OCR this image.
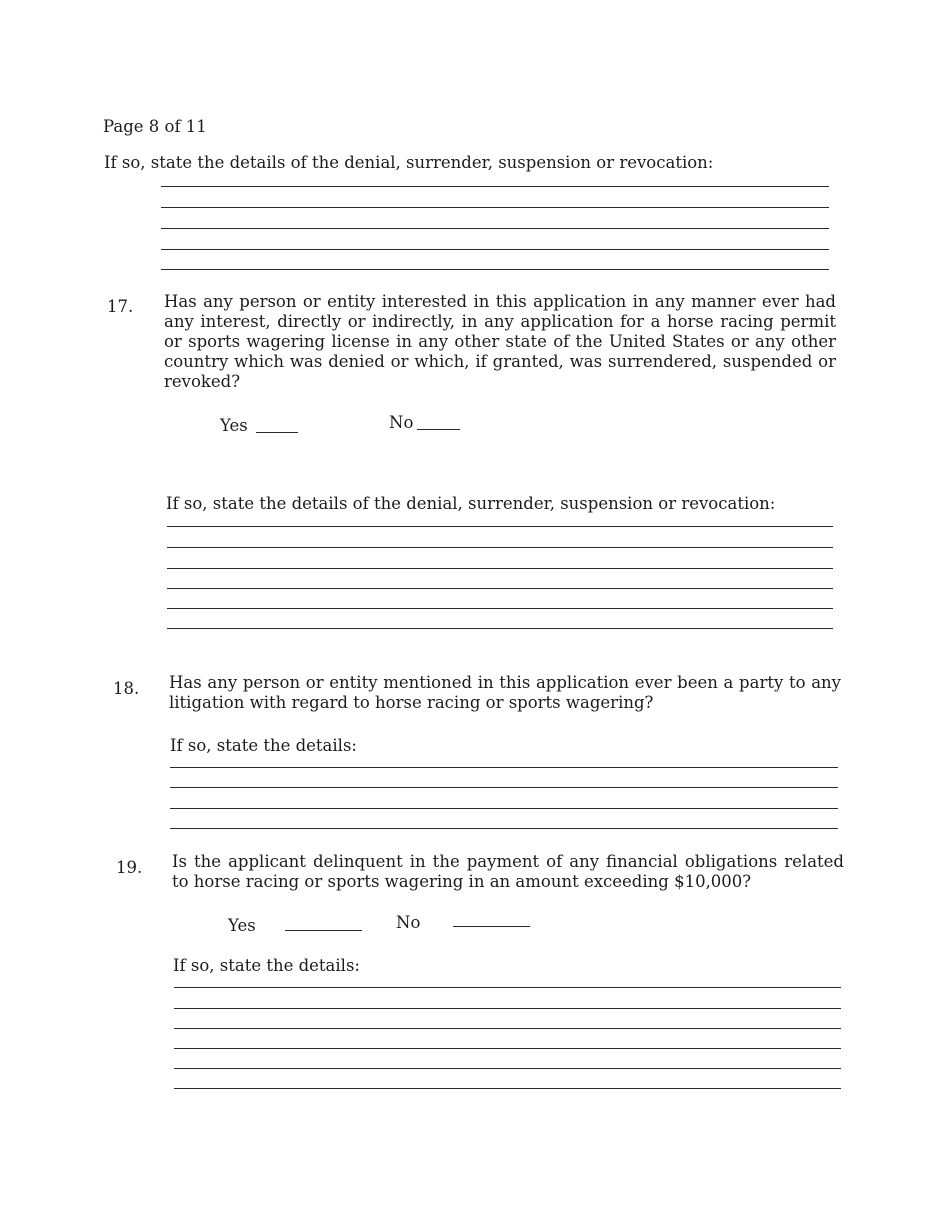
Page 8 of 11
If so, state the details of the denial, surrender, suspension or revocation:
17.	Has any person or entity interested in this application in any manner ever had any interest, directly or indirectly, in any application for a horse racing permit or sports wagering license in any other state of the United States or any other country which was denied or which, if granted, was surrendered, suspended or revoked?
Yes	No
If so, state the details of the denial, surrender, suspension or revocation:
18.	Has any person or entity mentioned in this application ever been a party to any litigation with regard to horse racing or sports wagering?
If so, state the details:
19.	Is the applicant delinquent in the payment of any financial obligations related to horse racing or sports wagering in an amount exceeding $10,000?
Yes	No
If so, state the details:
